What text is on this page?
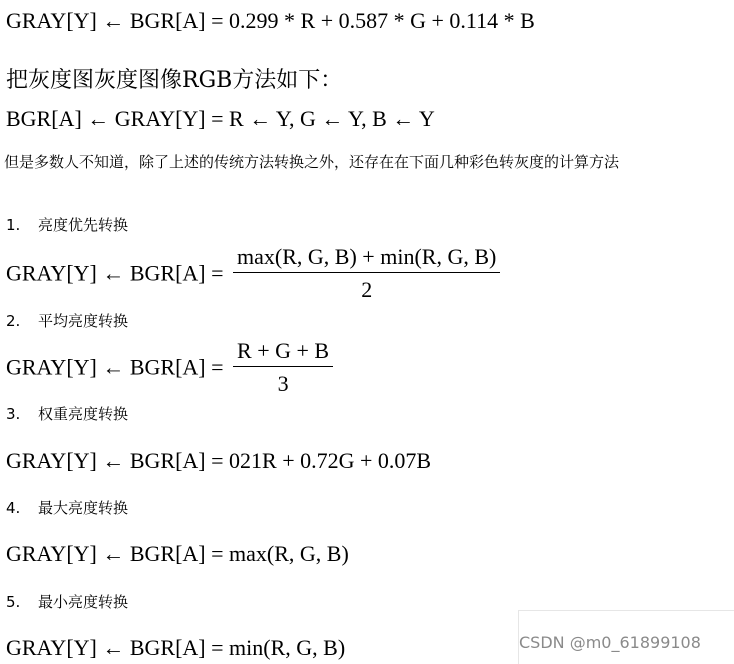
GRAY[Y] ← BGR[A] = 0.299 * R + 0.587 * G + 0.114 * B
把灰度图灰度图像RGB方法如下：
BGR[A] ← GRAY[Y] = R ← Y, G ← Y, B ← Y
但是多数人不知道，除了上述的传统方法转换之外，还存在在下面几种彩色转灰度的计算方法
1. 亮度优先转换
GRAY[Y] ← $BGR[A] = \frac{\max(R, G, B) + \min(R, G, B)}{2}$
2. 平均亮度转换
GRAY[Y] ← $BGR[A] = \frac{R + G + B}{3}$
3. 权重亮度转换
GRAY[Y] ← BGR[A] = 021R + 0.72G + 0.07B
4. 最大亮度转换
GRAY[Y] ← BGR[A] = max(R, G, B)
5. 最小亮度转换
GRAY[Y] ← BGR[A] = min(R, G, B)	CSDN @m0_61899108
